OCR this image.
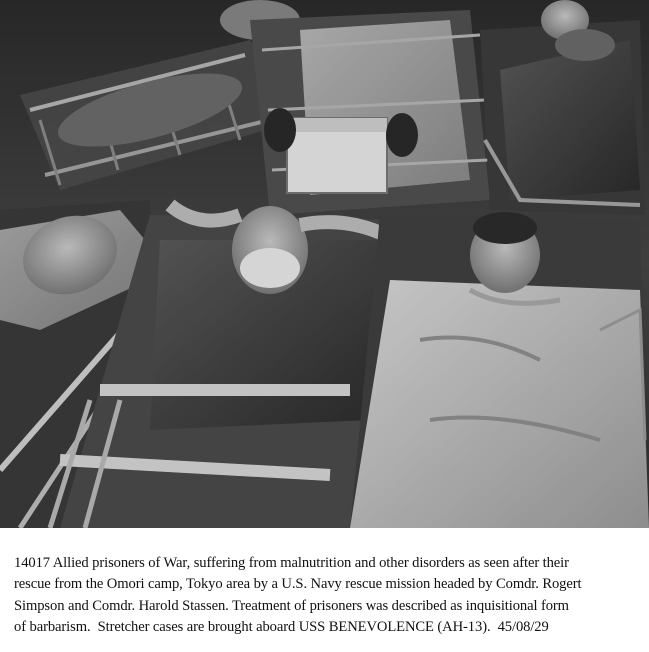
14017 Allied prisoners of War, suffering from malnutrition and other disorders as seen after their
rescue from the Omori camp, Tokyo area by a U.S. Navy rescue mission headed by Comdr. Rogert
Simpson and Comdr. Harold Stassen. Treatment of prisoners was described as inquisitional form
of barbarism.  Stretcher cases are brought aboard USS BENEVOLENCE (AH-13).  45/08/29
